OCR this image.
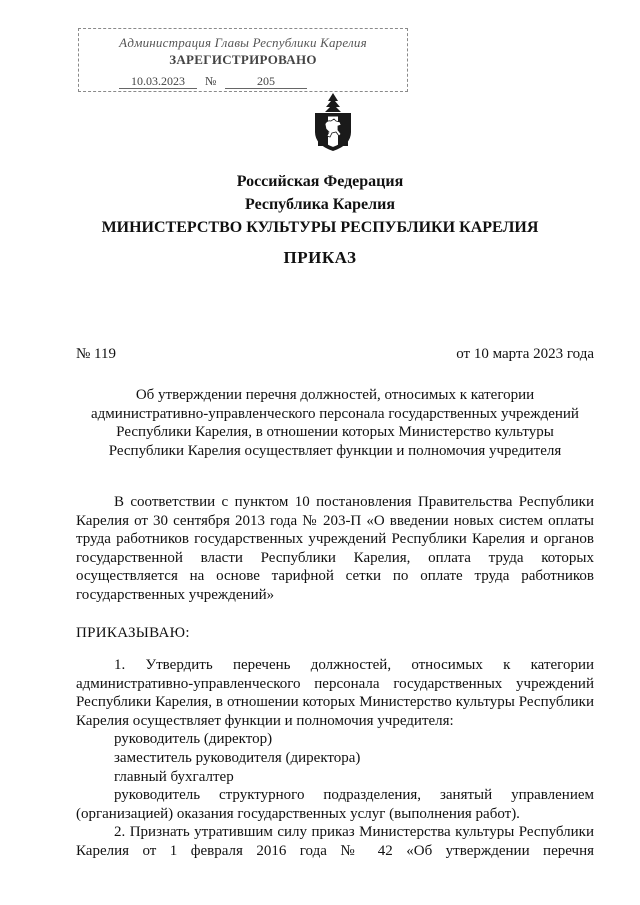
Администрация Главы Республики Карелия
ЗАРЕГИСТРИРОВАНО
10.03.2023	№	205
Российская Федерация
Республика Карелия
МИНИСТЕРСТВО КУЛЬТУРЫ РЕСПУБЛИКИ КАРЕЛИЯ
ПРИКАЗ
№ 119	от 10 марта 2023 года
Об утверждении перечня должностей, относимых к категории
административно-управленческого персонала государственных учреждений
Республики Карелия, в отношении которых Министерство культуры
Республики Карелия осуществляет функции и полномочия учредителя
В соответствии с пунктом 10 постановления Правительства Республики
Карелия от 30 сентября 2013 года № 203-П «О введении новых систем оплаты
труда работников государственных учреждений Республики Карелия и органов
государственной власти Республики Карелия, оплата труда которых
осуществляется на основе тарифной сетки по оплате труда работников
государственных учреждений»
ПРИКАЗЫВАЮ:
1. Утвердить перечень должностей, относимых к категории
административно-управленческого персонала государственных учреждений
Республики Карелия, в отношении которых Министерство культуры Республики
Карелия осуществляет функции и полномочия учредителя:
руководитель (директор)
заместитель руководителя (директора)
главный бухгалтер
руководитель структурного подразделения, занятый управлением
(организацией) оказания государственных услуг (выполнения работ).
2. Признать утратившим силу приказ Министерства культуры Республики
Карелия от 1 февраля 2016 года № 42 «Об утверждении перечня
